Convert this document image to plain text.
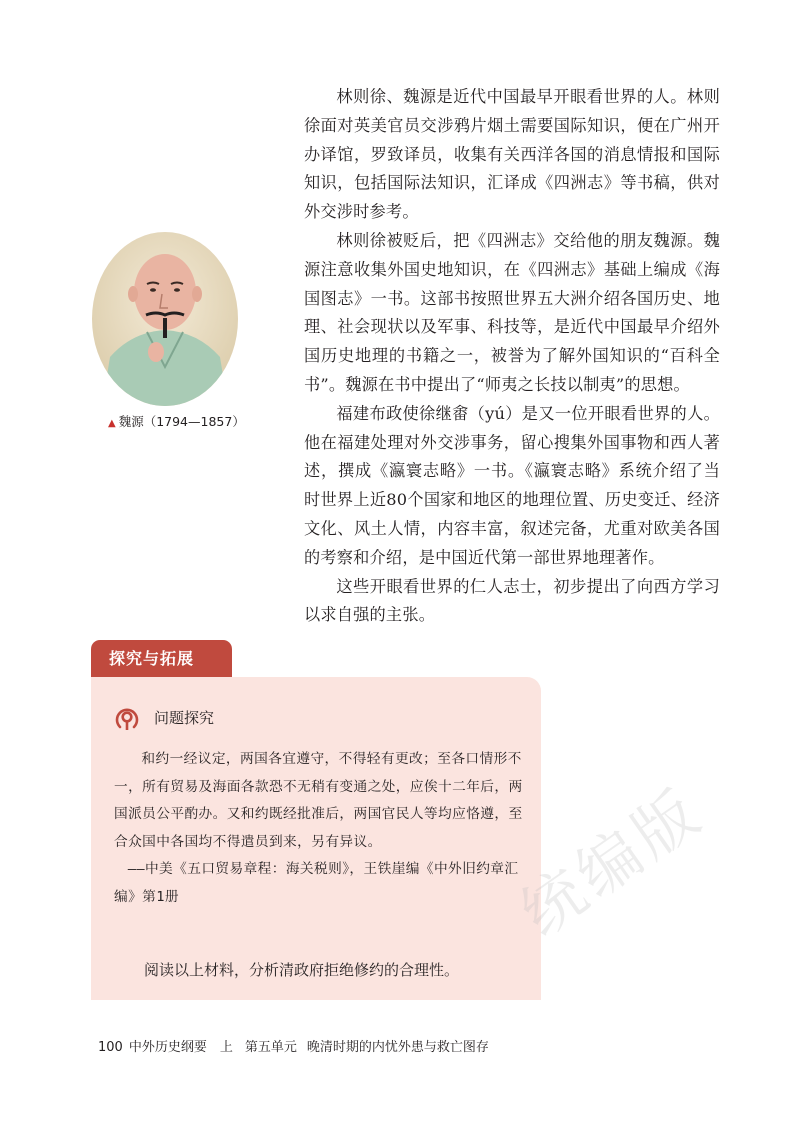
林则徐、魏源是近代中国最早开眼看世界的人。林则徐面对英美官员交涉鸦片烟土需要国际知识，便在广州开办译馆，罗致译员，收集有关西洋各国的消息情报和国际知识，包括国际法知识，汇译成《四洲志》等书稿，供对外交涉时参考。

林则徐被贬后，把《四洲志》交给他的朋友魏源。魏源注意收集外国史地知识，在《四洲志》基础上编成《海国图志》一书。这部书按照世界五大洲介绍各国历史、地理、社会现状以及军事、科技等，是近代中国最早介绍外国历史地理的书籍之一，被誉为了解外国知识的“百科全书”。魏源在书中提出了“师夷之长技以制夷”的思想。

福建布政使徐继畬（yú）是又一位开眼看世界的人。他在福建处理对外交涉事务，留心搜集外国事物和西人著述，撰成《瀛寰志略》一书。《瀛寰志略》系统介绍了当时世界上近80个国家和地区的地理位置、历史变迁、经济文化、风土人情，内容丰富，叙述完备，尤重对欧美各国的考察和介绍，是中国近代第一部世界地理著作。

这些开眼看世界的仁人志士，初步提出了向西方学习以求自强的主张。

▲ 魏源（1794—1857）
探究与拓展
问题探究

和约一经议定，两国各宜遵守，不得轻有更改；至各口情形不一，所有贸易及海面各款恐不无稍有变通之处，应俟十二年后，两国派员公平酌办。又和约既经批准后，两国官民人等均应恪遵，至合众国中各国均不得遣员到来，另有异议。

——中美《五口贸易章程：海关税则》，王铁崖编《中外旧约章汇编》第1册

阅读以上材料，分析清政府拒绝修约的合理性。
统编版
100 中外历史纲要　上 第五单元 晚清时期的内忧外患与救亡图存
